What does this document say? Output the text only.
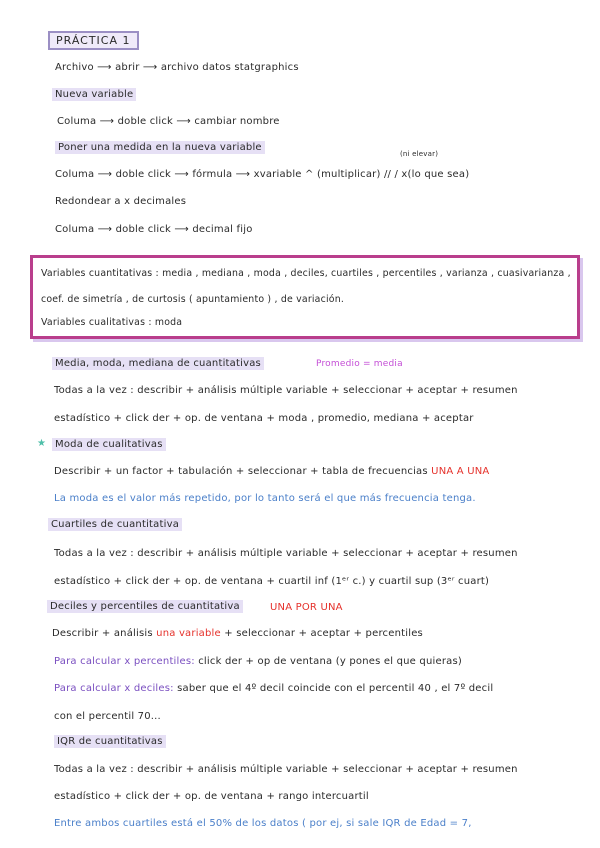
PRÁCTICA 1
Archivo ⟶ abrir ⟶ archivo datos statgraphics
Nueva variable
Columa ⟶ doble click ⟶ cambiar nombre
Poner una medida en la nueva variable
(ni elevar)
Columa ⟶ doble click ⟶ fórmula ⟶ xvariable ^ (multiplicar) // / x(lo que sea)
Redondear a x decimales
Columa ⟶ doble click ⟶ decimal fijo
Variables cuantitativas : media , mediana , moda , deciles, cuartiles , percentiles , varianza , cuasivarianza ,
coef. de simetría , de curtosis ( apuntamiento ) , de variación.
Variables cualitativas : moda
Media, moda, mediana de cuantitativas	Promedio = media
Todas a la vez : describir + análisis múltiple variable + seleccionar + aceptar + resumen
estadístico + click der + op. de ventana + moda , promedio, mediana + aceptar
★ Moda de cualitativas
Describir + un factor + tabulación + seleccionar + tabla de frecuencias UNA A UNA
La moda es el valor más repetido, por lo tanto será el que más frecuencia tenga.
Cuartiles de cuantitativa
Todas a la vez : describir + análisis múltiple variable + seleccionar + aceptar + resumen
estadístico + click der + op. de ventana + cuartil inf (1ᵉʳ c.) y cuartil sup (3ᵉʳ cuart)
Deciles y percentiles de cuantitativa	UNA POR UNA
Describir + análisis una variable + seleccionar + aceptar + percentiles
Para calcular x percentiles: click der + op de ventana (y pones el que quieras)
Para calcular x deciles: saber que el 4º decil coincide con el percentil 40 , el 7º decil
con el percentil 70...
IQR de cuantitativas
Todas a la vez : describir + análisis múltiple variable + seleccionar + aceptar + resumen
estadístico + click der + op. de ventana + rango intercuartil
Entre ambos cuartiles está el 50% de los datos ( por ej, si sale IQR de Edad = 7,
